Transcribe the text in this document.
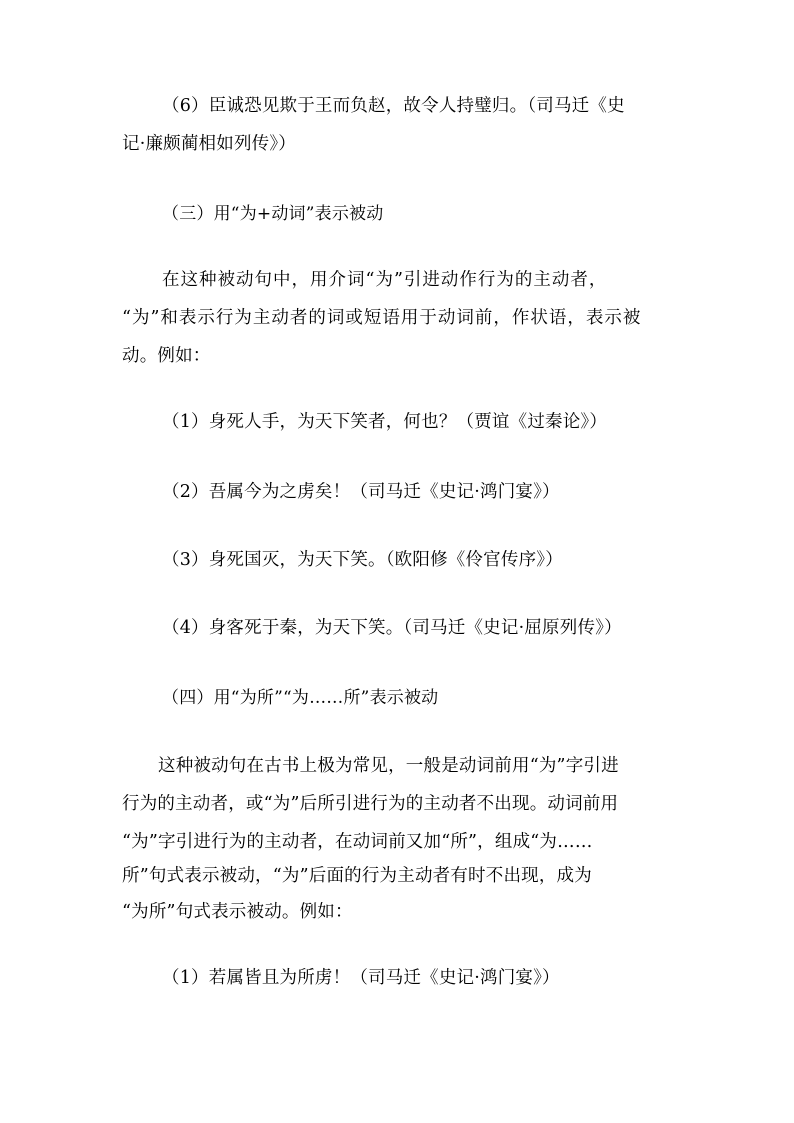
（6）臣诚恐见欺于王而负赵，故令人持璧归。（司马迁《史
记·廉颇蔺相如列传》）
（三）用“为+动词”表示被动
在这种被动句中，用介词“为”引进动作行为的主动者，
“为”和表示行为主动者的词或短语用于动词前，作状语，表示被
动。例如：
（1）身死人手，为天下笑者，何也？（贾谊《过秦论》）
（2）吾属今为之虏矣！（司马迁《史记·鸿门宴》）
（3）身死国灭，为天下笑。（欧阳修《伶官传序》）
（4）身客死于秦，为天下笑。（司马迁《史记·屈原列传》）
（四）用“为所”“为……所”表示被动
这种被动句在古书上极为常见，一般是动词前用“为”字引进
行为的主动者，或“为”后所引进行为的主动者不出现。动词前用
“为”字引进行为的主动者，在动词前又加“所”，组成“为……
所”句式表示被动，“为”后面的行为主动者有时不出现，成为
“为所”句式表示被动。例如：
（1）若属皆且为所虏！（司马迁《史记·鸿门宴》）
